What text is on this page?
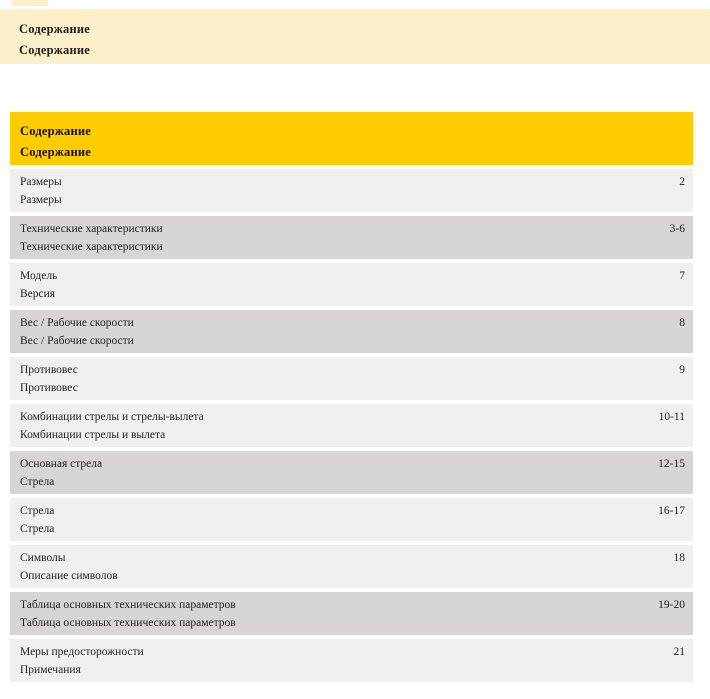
Содержание
Содержание
Содержание
Содержание
Размеры
Размеры
2
Технические характеристики
Технические характеристики
3-6
Модель
Версия
7
Вес / Рабочие скорости
Вес / Рабочие скорости
8
Противовес
Противовес
9
Комбинации стрелы и стрелы-вылета
Комбинации стрелы и вылета
10-11
Основная стрела
Стрела
12-15
Стрела
Стрела
16-17
Символы
Описание символов
18
Таблица основных технических параметров
Таблица основных технических параметров
19-20
Меры предосторожности
Примечания
21
